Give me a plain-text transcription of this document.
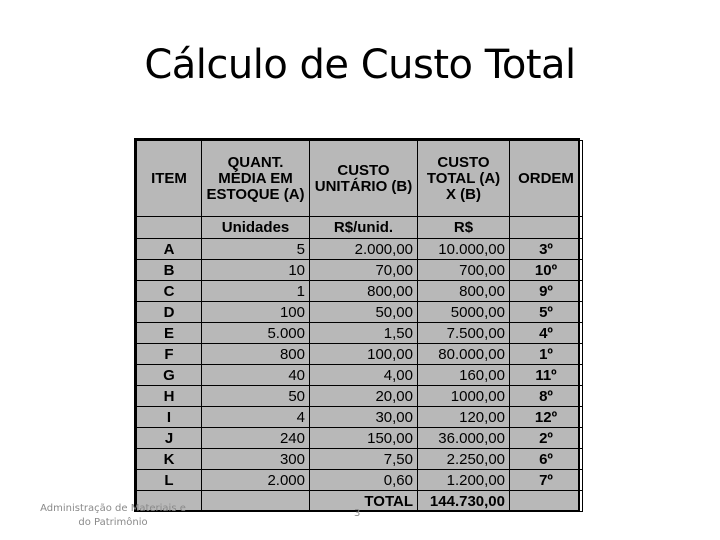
Cálculo de Custo Total
ITEM	QUANT. MÉDIA EM ESTOQUE (A)	CUSTO UNITÁRIO (B)	CUSTO TOTAL (A) X (B)	ORDEM
	Unidades	R$/unid.	R$	
A	5	2.000,00	10.000,00	3º
B	10	70,00	700,00	10º
C	1	800,00	800,00	9º
D	100	50,00	5000,00	5º
E	5.000	1,50	7.500,00	4º
F	800	100,00	80.000,00	1º
G	40	4,00	160,00	11º
H	50	20,00	1000,00	8º
I	4	30,00	120,00	12º
J	240	150,00	36.000,00	2º
K	300	7,50	2.250,00	6º
L	2.000	0,60	1.200,00	7º
		TOTAL	144.730,00	
Administração de Materiais e do Patrimônio
3
